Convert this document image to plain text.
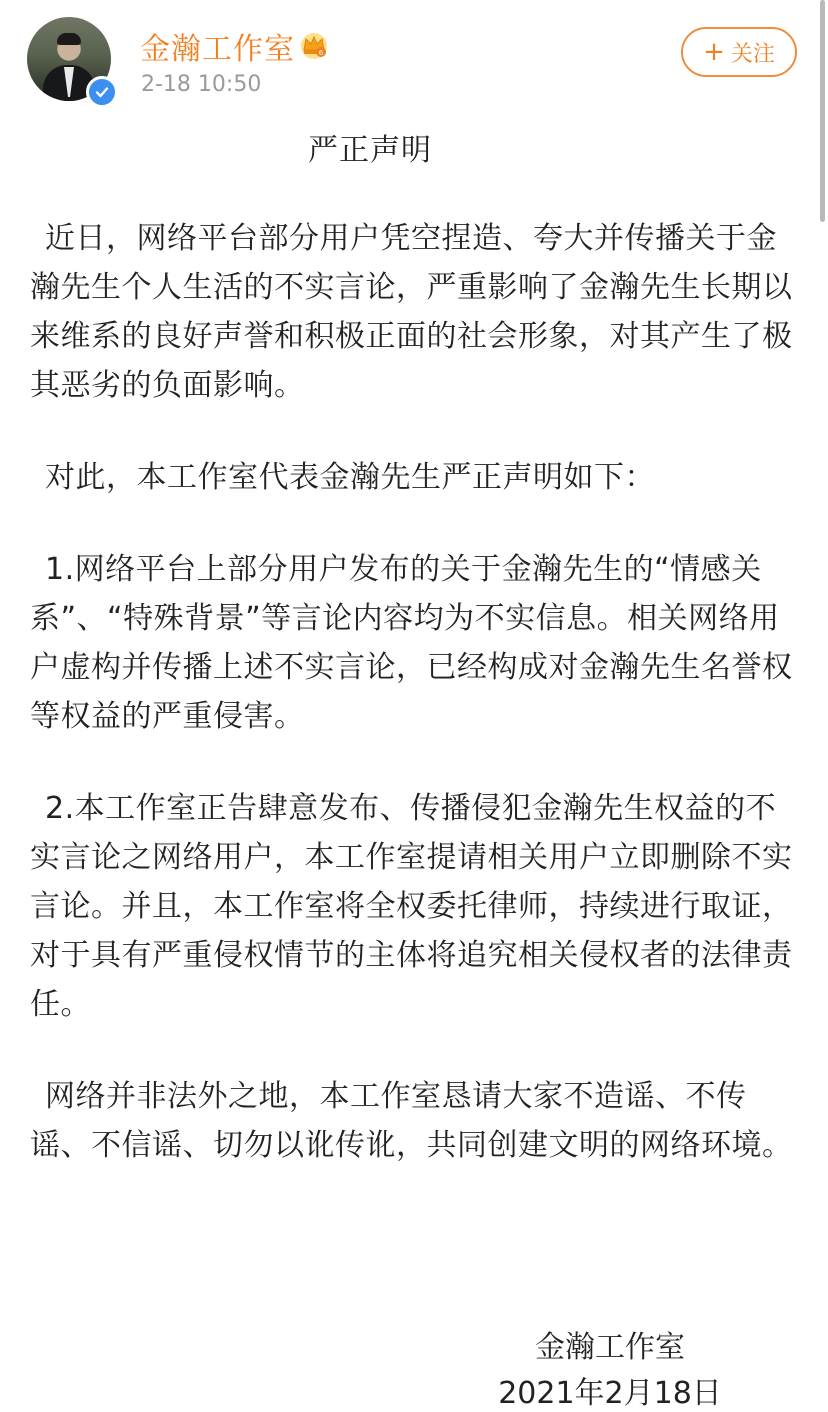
金瀚工作室	6
2-18 10:50
+ 关注
严正声明

近日，网络平台部分用户凭空捏造、夸大并传播关于金瀚先生个人生活的不实言论，严重影响了金瀚先生长期以来维系的良好声誉和积极正面的社会形象，对其产生了极其恶劣的负面影响。

对此，本工作室代表金瀚先生严正声明如下：

1.网络平台上部分用户发布的关于金瀚先生的“情感关系”、“特殊背景”等言论内容均为不实信息。相关网络用户虚构并传播上述不实言论，已经构成对金瀚先生名誉权等权益的严重侵害。

2.本工作室正告肆意发布、传播侵犯金瀚先生权益的不实言论之网络用户，本工作室提请相关用户立即删除不实言论。并且，本工作室将全权委托律师，持续进行取证，对于具有严重侵权情节的主体将追究相关侵权者的法律责任。

网络并非法外之地，本工作室恳请大家不造谣、不传谣、不信谣、切勿以讹传讹，共同创建文明的网络环境。

金瀚工作室
2021年2月18日
